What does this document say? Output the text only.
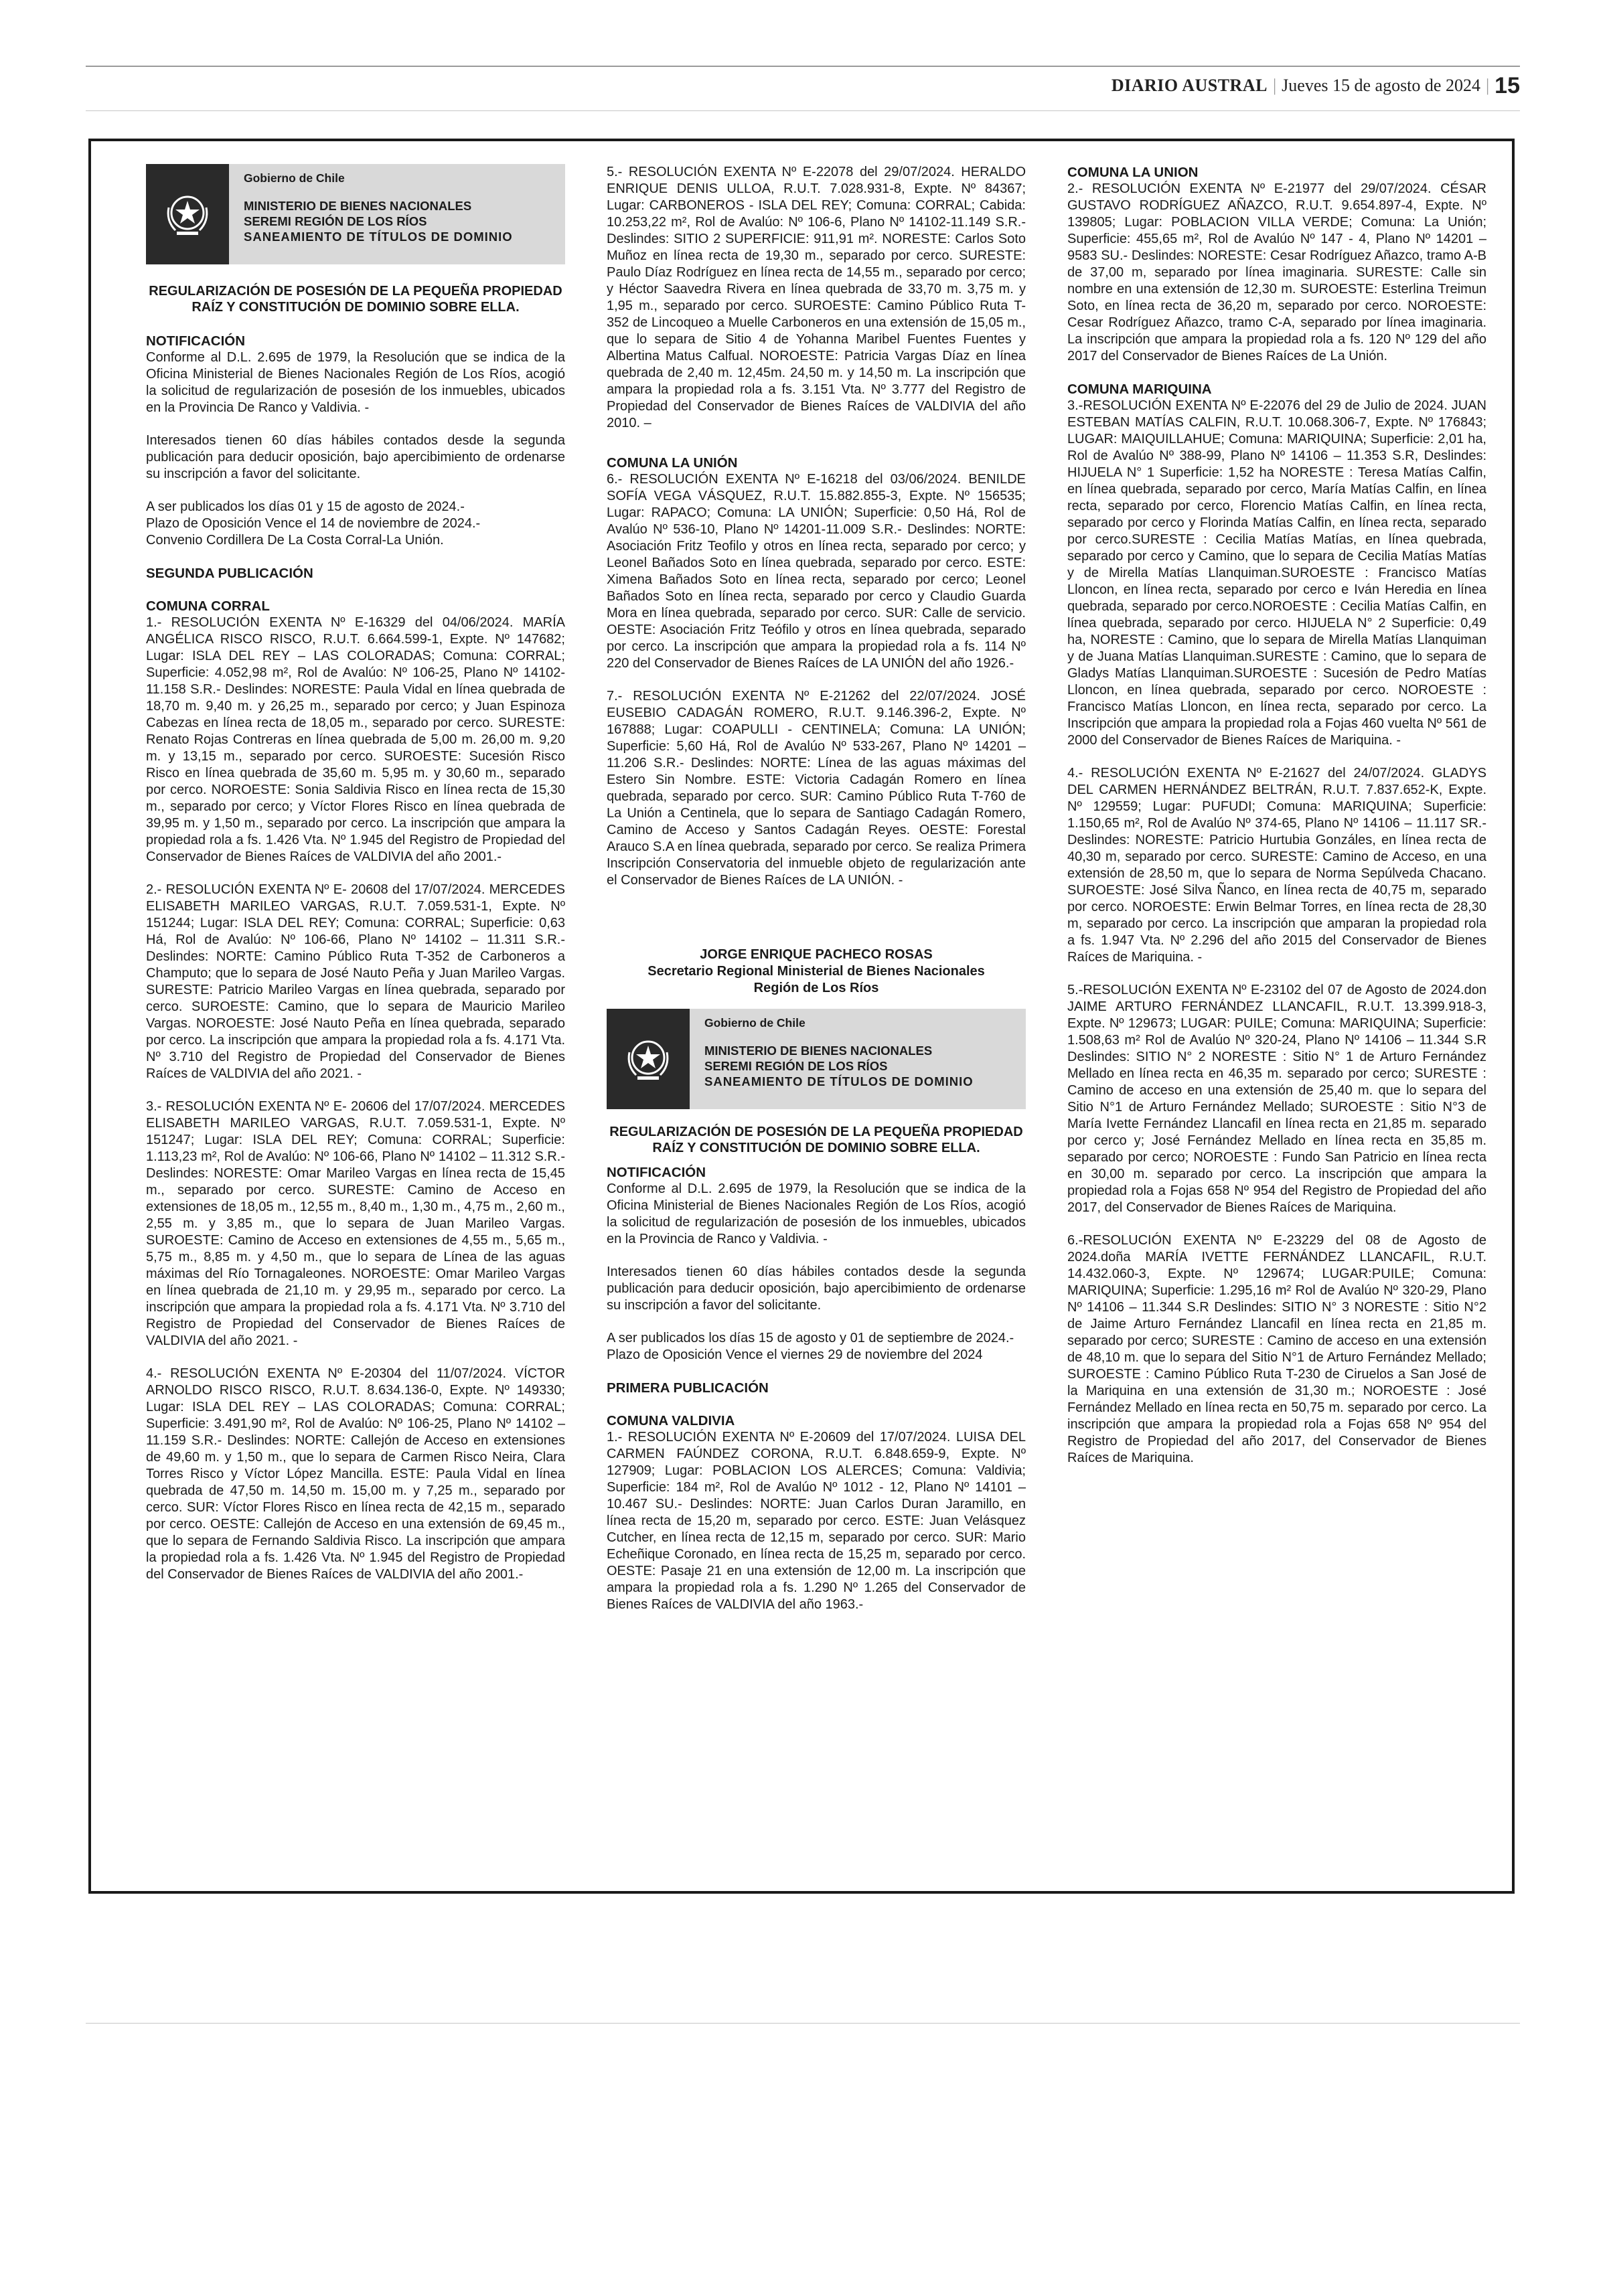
DIARIO AUSTRAL | Jueves 15 de agosto de 2024 | 15
Gobierno de Chile
MINISTERIO DE BIENES NACIONALES
SEREMI REGIÓN DE LOS RÍOS
SANEAMIENTO DE TÍTULOS DE DOMINIO
REGULARIZACIÓN DE POSESIÓN DE LA PEQUEÑA PROPIEDAD RAÍZ Y CONSTITUCIÓN DE DOMINIO SOBRE ELLA.

NOTIFICACIÓN

Conforme al D.L. 2.695 de 1979, la Resolución que se indica de la Oficina Ministerial de Bienes Nacionales Región de Los Ríos, acogió la solicitud de regularización de posesión de los inmuebles, ubicados en la Provincia De Ranco y Valdivia. -

Interesados tienen 60 días hábiles contados desde la segunda publicación para deducir oposición, bajo apercibimiento de ordenarse su inscripción a favor del solicitante.

A ser publicados los días 01 y 15 de agosto de 2024.-

Plazo de Oposición Vence el 14 de noviembre de 2024.-

Convenio Cordillera De La Costa Corral-La Unión.

SEGUNDA PUBLICACIÓN

COMUNA CORRAL

1.- RESOLUCIÓN EXENTA Nº E-16329 del 04/06/2024. MARÍA ANGÉLICA RISCO RISCO, R.U.T. 6.664.599-1, Expte. Nº 147682; Lugar: ISLA DEL REY – LAS COLORADAS; Comuna: CORRAL; Superficie: 4.052,98 m², Rol de Avalúo: Nº 106-25, Plano Nº 14102-11.158 S.R.- Deslindes: NORESTE: Paula Vidal en línea quebrada de 18,70 m. 9,40 m. y 26,25 m., separado por cerco; y Juan Espinoza Cabezas en línea recta de 18,05 m., separado por cerco. SURESTE: Renato Rojas Contreras en línea quebrada de 5,00 m. 26,00 m. 9,20 m. y 13,15 m., separado por cerco. SUROESTE: Sucesión Risco Risco en línea quebrada de 35,60 m. 5,95 m. y 30,60 m., separado por cerco. NOROESTE: Sonia Saldivia Risco en línea recta de 15,30 m., separado por cerco; y Víctor Flores Risco en línea quebrada de 39,95 m. y 1,50 m., separado por cerco. La inscripción que ampara la propiedad rola a fs. 1.426 Vta. Nº 1.945 del Registro de Propiedad del Conservador de Bienes Raíces de VALDIVIA del año 2001.-

2.- RESOLUCIÓN EXENTA Nº E- 20608 del 17/07/2024. MERCEDES ELISABETH MARILEO VARGAS, R.U.T. 7.059.531-1, Expte. Nº 151244; Lugar: ISLA DEL REY; Comuna: CORRAL; Superficie: 0,63 Há, Rol de Avalúo: Nº 106-66, Plano Nº 14102 – 11.311 S.R.- Deslindes: NORTE: Camino Público Ruta T-352 de Carboneros a Champuto; que lo separa de José Nauto Peña y Juan Marileo Vargas. SURESTE: Patricio Marileo Vargas en línea quebrada, separado por cerco. SUROESTE: Camino, que lo separa de Mauricio Marileo Vargas. NOROESTE: José Nauto Peña en línea quebrada, separado por cerco. La inscripción que ampara la propiedad rola a fs. 4.171 Vta. Nº 3.710 del Registro de Propiedad del Conservador de Bienes Raíces de VALDIVIA del año 2021. -

3.- RESOLUCIÓN EXENTA Nº E- 20606 del 17/07/2024. MERCEDES ELISABETH MARILEO VARGAS, R.U.T. 7.059.531-1, Expte. Nº 151247; Lugar: ISLA DEL REY; Comuna: CORRAL; Superficie: 1.113,23 m², Rol de Avalúo: Nº 106-66, Plano Nº 14102 – 11.312 S.R.- Deslindes: NORESTE: Omar Marileo Vargas en línea recta de 15,45 m., separado por cerco. SURESTE: Camino de Acceso en extensiones de 18,05 m., 12,55 m., 8,40 m., 1,30 m., 4,75 m., 2,60 m., 2,55 m. y 3,85 m., que lo separa de Juan Marileo Vargas. SUROESTE: Camino de Acceso en extensiones de 4,55 m., 5,65 m., 5,75 m., 8,85 m. y 4,50 m., que lo separa de Línea de las aguas máximas del Río Tornagaleones. NOROESTE: Omar Marileo Vargas en línea quebrada de 21,10 m. y 29,95 m., separado por cerco. La inscripción que ampara la propiedad rola a fs. 4.171 Vta. Nº 3.710 del Registro de Propiedad del Conservador de Bienes Raíces de VALDIVIA del año 2021. -

4.- RESOLUCIÓN EXENTA Nº E-20304 del 11/07/2024. VÍCTOR ARNOLDO RISCO RISCO, R.U.T. 8.634.136-0, Expte. Nº 149330; Lugar: ISLA DEL REY – LAS COLORADAS; Comuna: CORRAL; Superficie: 3.491,90 m², Rol de Avalúo: Nº 106-25, Plano Nº 14102 – 11.159 S.R.- Deslindes: NORTE: Callejón de Acceso en extensiones de 49,60 m. y 1,50 m., que lo separa de Carmen Risco Neira, Clara Torres Risco y Víctor López Mancilla. ESTE: Paula Vidal en línea quebrada de 47,50 m. 14,50 m. 15,00 m. y 7,25 m., separado por cerco. SUR: Víctor Flores Risco en línea recta de 42,15 m., separado por cerco. OESTE: Callejón de Acceso en una extensión de 69,45 m., que lo separa de Fernando Saldivia Risco. La inscripción que ampara la propiedad rola a fs. 1.426 Vta. Nº 1.945 del Registro de Propiedad del Conservador de Bienes Raíces de VALDIVIA del año 2001.-

5.- RESOLUCIÓN EXENTA Nº E-22078 del 29/07/2024. HERALDO ENRIQUE DENIS ULLOA, R.U.T. 7.028.931-8, Expte. Nº 84367; Lugar: CARBONEROS - ISLA DEL REY; Comuna: CORRAL; Cabida: 10.253,22 m², Rol de Avalúo: Nº 106-6, Plano Nº 14102-11.149 S.R.- Deslindes: SITIO 2 SUPERFICIE: 911,91 m². NORESTE: Carlos Soto Muñoz en línea recta de 19,30 m., separado por cerco. SURESTE: Paulo Díaz Rodríguez en línea recta de 14,55 m., separado por cerco; y Héctor Saavedra Rivera en línea quebrada de 33,70 m. 3,75 m. y 1,95 m., separado por cerco. SUROESTE: Camino Público Ruta T-352 de Lincoqueo a Muelle Carboneros en una extensión de 15,05 m., que lo separa de Sitio 4 de Yohanna Maribel Fuentes Fuentes y Albertina Matus Calfual. NOROESTE: Patricia Vargas Díaz en línea quebrada de 2,40 m. 12,45m. 24,50 m. y 14,50 m. La inscripción que ampara la propiedad rola a fs. 3.151 Vta. Nº 3.777 del Registro de Propiedad del Conservador de Bienes Raíces de VALDIVIA del año 2010. –

COMUNA LA UNIÓN

6.- RESOLUCIÓN EXENTA Nº E-16218 del 03/06/2024. BENILDE SOFÍA VEGA VÁSQUEZ, R.U.T. 15.882.855-3, Expte. Nº 156535; Lugar: RAPACO; Comuna: LA UNIÓN; Superficie: 0,50 Há, Rol de Avalúo Nº 536-10, Plano Nº 14201-11.009 S.R.- Deslindes: NORTE: Asociación Fritz Teofilo y otros en línea recta, separado por cerco; y Leonel Bañados Soto en línea quebrada, separado por cerco. ESTE: Ximena Bañados Soto en línea recta, separado por cerco; Leonel Bañados Soto en línea recta, separado por cerco y Claudio Guarda Mora en línea quebrada, separado por cerco. SUR: Calle de servicio. OESTE: Asociación Fritz Teófilo y otros en línea quebrada, separado por cerco. La inscripción que ampara la propiedad rola a fs. 114 Nº 220 del Conservador de Bienes Raíces de LA UNIÓN del año 1926.-

7.- RESOLUCIÓN EXENTA Nº E-21262 del 22/07/2024. JOSÉ EUSEBIO CADAGÁN ROMERO, R.U.T. 9.146.396-2, Expte. Nº 167888; Lugar: COAPULLI - CENTINELA; Comuna: LA UNIÓN; Superficie: 5,60 Há, Rol de Avalúo Nº 533-267, Plano Nº 14201 – 11.206 S.R.- Deslindes: NORTE: Línea de las aguas máximas del Estero Sin Nombre. ESTE: Victoria Cadagán Romero en línea quebrada, separado por cerco. SUR: Camino Público Ruta T-760 de La Unión a Centinela, que lo separa de Santiago Cadagán Romero, Camino de Acceso y Santos Cadagán Reyes. OESTE: Forestal Arauco S.A en línea quebrada, separado por cerco. Se realiza Primera Inscripción Conservatoria del inmueble objeto de regularización ante el Conservador de Bienes Raíces de LA UNIÓN. -

JORGE ENRIQUE PACHECO ROSAS
Secretario Regional Ministerial de Bienes Nacionales
Región de Los Ríos
Gobierno de Chile
MINISTERIO DE BIENES NACIONALES
SEREMI REGIÓN DE LOS RÍOS
SANEAMIENTO DE TÍTULOS DE DOMINIO
REGULARIZACIÓN DE POSESIÓN DE LA PEQUEÑA PROPIEDAD RAÍZ Y CONSTITUCIÓN DE DOMINIO SOBRE ELLA.

NOTIFICACIÓN

Conforme al D.L. 2.695 de 1979, la Resolución que se indica de la Oficina Ministerial de Bienes Nacionales Región de Los Ríos, acogió la solicitud de regularización de posesión de los inmuebles, ubicados en la Provincia de Ranco y Valdivia. -

Interesados tienen 60 días hábiles contados desde la segunda publicación para deducir oposición, bajo apercibimiento de ordenarse su inscripción a favor del solicitante.

A ser publicados los días 15 de agosto y 01 de septiembre de 2024.-

Plazo de Oposición Vence el viernes 29 de noviembre del 2024

PRIMERA PUBLICACIÓN

COMUNA VALDIVIA

1.- RESOLUCIÓN EXENTA Nº E-20609 del 17/07/2024. LUISA DEL CARMEN FAÚNDEZ CORONA, R.U.T. 6.848.659-9, Expte. Nº 127909; Lugar: POBLACION LOS ALERCES; Comuna: Valdivia; Superficie: 184 m², Rol de Avalúo Nº 1012 - 12, Plano Nº 14101 – 10.467 SU.- Deslindes: NORTE: Juan Carlos Duran Jaramillo, en línea recta de 15,20 m, separado por cerco. ESTE: Juan Velásquez Cutcher, en línea recta de 12,15 m, separado por cerco. SUR: Mario Echeñique Coronado, en línea recta de 15,25 m, separado por cerco. OESTE: Pasaje 21 en una extensión de 12,00 m. La inscripción que ampara la propiedad rola a fs. 1.290 Nº 1.265 del Conservador de Bienes Raíces de VALDIVIA del año 1963.-

COMUNA LA UNION

2.- RESOLUCIÓN EXENTA Nº E-21977 del 29/07/2024. CÉSAR GUSTAVO RODRÍGUEZ AÑAZCO, R.U.T. 9.654.897-4, Expte. Nº 139805; Lugar: POBLACION VILLA VERDE; Comuna: La Unión; Superficie: 455,65 m², Rol de Avalúo Nº 147 - 4, Plano Nº 14201 – 9583 SU.- Deslindes: NORESTE: Cesar Rodríguez Añazco, tramo A-B de 37,00 m, separado por línea imaginaria. SURESTE: Calle sin nombre en una extensión de 12,30 m. SUROESTE: Esterlina Treimun Soto, en línea recta de 36,20 m, separado por cerco. NOROESTE: Cesar Rodríguez Añazco, tramo C-A, separado por línea imaginaria. La inscripción que ampara la propiedad rola a fs. 120 Nº 129 del año 2017 del Conservador de Bienes Raíces de La Unión.

COMUNA MARIQUINA

3.-RESOLUCIÓN EXENTA Nº E-22076 del 29 de Julio de 2024. JUAN ESTEBAN MATÍAS CALFIN, R.U.T. 10.068.306-7, Expte. Nº 176843; LUGAR: MAIQUILLAHUE; Comuna: MARIQUINA; Superficie: 2,01 ha, Rol de Avalúo Nº 388-99, Plano Nº 14106 – 11.353 S.R, Deslindes: HIJUELA N° 1 Superficie: 1,52 ha NORESTE : Teresa Matías Calfin, en línea quebrada, separado por cerco, María Matías Calfin, en línea recta, separado por cerco, Florencio Matías Calfin, en línea recta, separado por cerco y Florinda Matías Calfin, en línea recta, separado por cerco.SURESTE : Cecilia Matías Matías, en línea quebrada, separado por cerco y Camino, que lo separa de Cecilia Matías Matías y de Mirella Matías Llanquiman.SUROESTE : Francisco Matías Lloncon, en línea recta, separado por cerco e Iván Heredia en línea quebrada, separado por cerco.NOROESTE : Cecilia Matías Calfin, en línea quebrada, separado por cerco. HIJUELA N° 2 Superficie: 0,49 ha, NORESTE : Camino, que lo separa de Mirella Matías Llanquiman y de Juana Matías Llanquiman.SURESTE : Camino, que lo separa de Gladys Matías Llanquiman.SUROESTE : Sucesión de Pedro Matías Lloncon, en línea quebrada, separado por cerco. NOROESTE : Francisco Matías Lloncon, en línea recta, separado por cerco. La Inscripción que ampara la propiedad rola a Fojas 460 vuelta Nº 561 de 2000 del Conservador de Bienes Raíces de Mariquina. -

4.- RESOLUCIÓN EXENTA Nº E-21627 del 24/07/2024. GLADYS DEL CARMEN HERNÁNDEZ BELTRÁN, R.U.T. 7.837.652-K, Expte. Nº 129559; Lugar: PUFUDI; Comuna: MARIQUINA; Superficie: 1.150,65 m², Rol de Avalúo Nº 374-65, Plano Nº 14106 – 11.117 SR.- Deslindes: NORESTE: Patricio Hurtubia Gonzáles, en línea recta de 40,30 m, separado por cerco. SURESTE: Camino de Acceso, en una extensión de 28,50 m, que lo separa de Norma Sepúlveda Chacano. SUROESTE: José Silva Ñanco, en línea recta de 40,75 m, separado por cerco. NOROESTE: Erwin Belmar Torres, en línea recta de 28,30 m, separado por cerco. La inscripción que amparan la propiedad rola a fs. 1.947 Vta. Nº 2.296 del año 2015 del Conservador de Bienes Raíces de Mariquina. -

5.-RESOLUCIÓN EXENTA Nº E-23102 del 07 de Agosto de 2024.don JAIME ARTURO FERNÁNDEZ LLANCAFIL, R.U.T. 13.399.918-3, Expte. Nº 129673; LUGAR: PUILE; Comuna: MARIQUINA; Superficie: 1.508,63 m² Rol de Avalúo Nº 320-24, Plano Nº 14106 – 11.344 S.R Deslindes: SITIO N° 2 NORESTE : Sitio N° 1 de Arturo Fernández Mellado en línea recta en 46,35 m. separado por cerco; SURESTE : Camino de acceso en una extensión de 25,40 m. que lo separa del Sitio N°1 de Arturo Fernández Mellado; SUROESTE : Sitio N°3 de María Ivette Fernández Llancafil en línea recta en 21,85 m. separado por cerco y; José Fernández Mellado en línea recta en 35,85 m. separado por cerco; NOROESTE : Fundo San Patricio en línea recta en 30,00 m. separado por cerco. La inscripción que ampara la propiedad rola a Fojas 658 Nº 954 del Registro de Propiedad del año 2017, del Conservador de Bienes Raíces de Mariquina.

6.-RESOLUCIÓN EXENTA Nº E-23229 del 08 de Agosto de 2024.doña MARÍA IVETTE FERNÁNDEZ LLANCAFIL, R.U.T. 14.432.060-3, Expte. Nº 129674; LUGAR:PUILE; Comuna: MARIQUINA; Superficie: 1.295,16 m² Rol de Avalúo Nº 320-29, Plano Nº 14106 – 11.344 S.R Deslindes: SITIO N° 3 NORESTE : Sitio N°2 de Jaime Arturo Fernández Llancafil en línea recta en 21,85 m. separado por cerco; SURESTE : Camino de acceso en una extensión de 48,10 m. que lo separa del Sitio N°1 de Arturo Fernández Mellado; SUROESTE : Camino Público Ruta T-230 de Ciruelos a San José de la Mariquina en una extensión de 31,30 m.; NOROESTE : José Fernández Mellado en línea recta en 50,75 m. separado por cerco. La inscripción que ampara la propiedad rola a Fojas 658 Nº 954 del Registro de Propiedad del año 2017, del Conservador de Bienes Raíces de Mariquina.
